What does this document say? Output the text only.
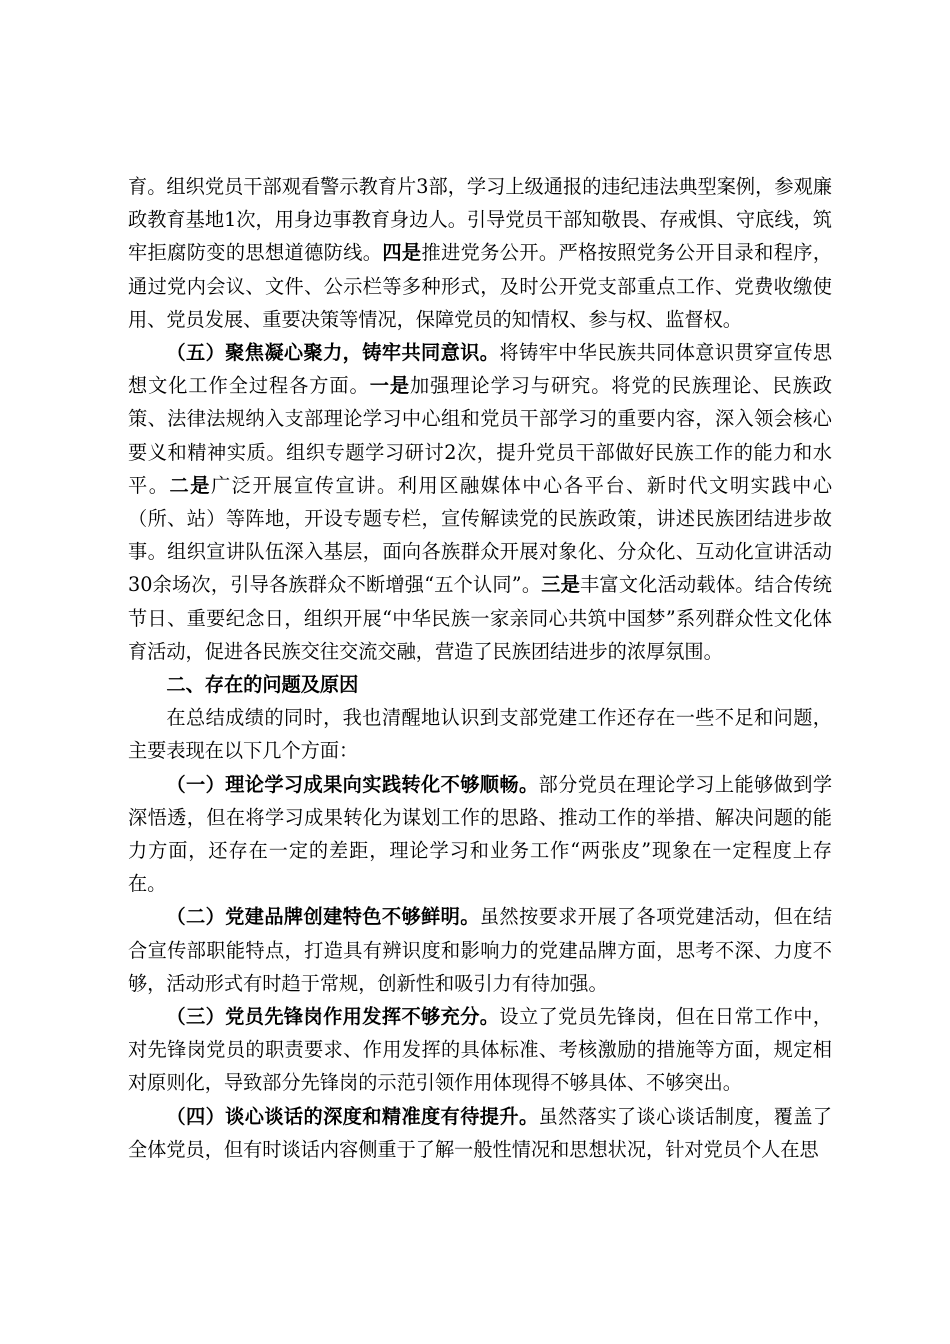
育。组织党员干部观看警示教育片3部，学习上级通报的违纪违法典型案例，参观廉政教育基地1次，用身边事教育身边人。引导党员干部知敬畏、存戒惧、守底线，筑牢拒腐防变的思想道德防线。四是推进党务公开。严格按照党务公开目录和程序，通过党内会议、文件、公示栏等多种形式，及时公开党支部重点工作、党费收缴使用、党员发展、重要决策等情况，保障党员的知情权、参与权、监督权。

（五）聚焦凝心聚力，铸牢共同意识。将铸牢中华民族共同体意识贯穿宣传思想文化工作全过程各方面。一是加强理论学习与研究。将党的民族理论、民族政策、法律法规纳入支部理论学习中心组和党员干部学习的重要内容，深入领会核心要义和精神实质。组织专题学习研讨2次，提升党员干部做好民族工作的能力和水平。二是广泛开展宣传宣讲。利用区融媒体中心各平台、新时代文明实践中心（所、站）等阵地，开设专题专栏，宣传解读党的民族政策，讲述民族团结进步故事。组织宣讲队伍深入基层，面向各族群众开展对象化、分众化、互动化宣讲活动30余场次，引导各族群众不断增强“五个认同”。三是丰富文化活动载体。结合传统节日、重要纪念日，组织开展“中华民族一家亲同心共筑中国梦”系列群众性文化体育活动，促进各民族交往交流交融，营造了民族团结进步的浓厚氛围。

二、存在的问题及原因

在总结成绩的同时，我也清醒地认识到支部党建工作还存在一些不足和问题，主要表现在以下几个方面：

（一）理论学习成果向实践转化不够顺畅。部分党员在理论学习上能够做到学深悟透，但在将学习成果转化为谋划工作的思路、推动工作的举措、解决问题的能力方面，还存在一定的差距，理论学习和业务工作“两张皮”现象在一定程度上存在。

（二）党建品牌创建特色不够鲜明。虽然按要求开展了各项党建活动，但在结合宣传部职能特点，打造具有辨识度和影响力的党建品牌方面，思考不深、力度不够，活动形式有时趋于常规，创新性和吸引力有待加强。

（三）党员先锋岗作用发挥不够充分。设立了党员先锋岗，但在日常工作中，对先锋岗党员的职责要求、作用发挥的具体标准、考核激励的措施等方面，规定相对原则化，导致部分先锋岗的示范引领作用体现得不够具体、不够突出。

（四）谈心谈话的深度和精准度有待提升。虽然落实了谈心谈话制度，覆盖了全体党员，但有时谈话内容侧重于了解一般性情况和思想状况，针对党员个人在思
